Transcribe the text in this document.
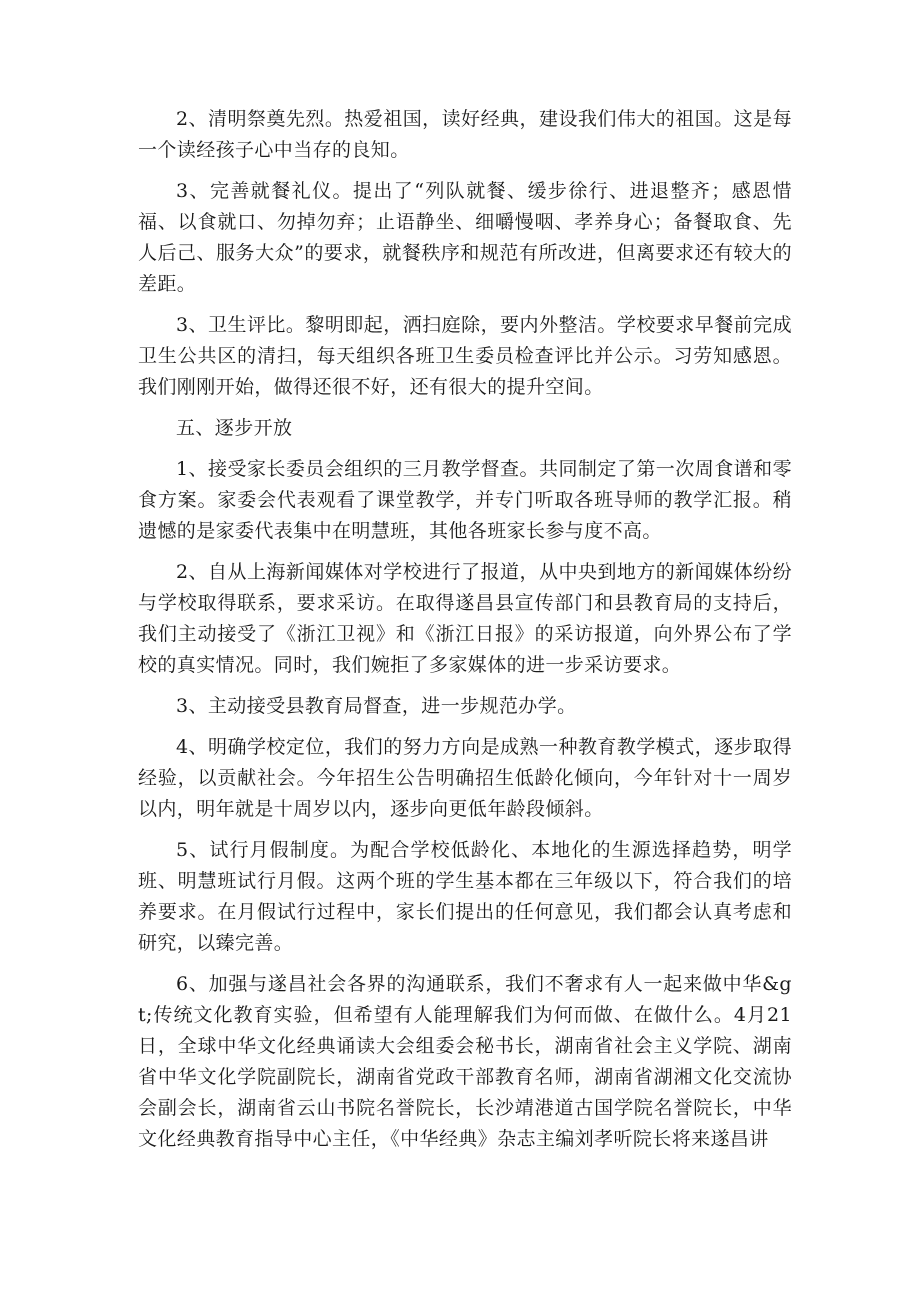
2、清明祭奠先烈。热爱祖国，读好经典，建设我们伟大的祖国。这是每一个读经孩子心中当存的良知。

3、完善就餐礼仪。提出了“列队就餐、缓步徐行、进退整齐；感恩惜福、以食就口、勿掉勿弃；止语静坐、细嚼慢咽、孝养身心；备餐取食、先人后己、服务大众”的要求，就餐秩序和规范有所改进，但离要求还有较大的差距。

3、卫生评比。黎明即起，洒扫庭除，要内外整洁。学校要求早餐前完成卫生公共区的清扫，每天组织各班卫生委员检查评比并公示。习劳知感恩。我们刚刚开始，做得还很不好，还有很大的提升空间。

五、逐步开放

1、接受家长委员会组织的三月教学督查。共同制定了第一次周食谱和零食方案。家委会代表观看了课堂教学，并专门听取各班导师的教学汇报。稍遗憾的是家委代表集中在明慧班，其他各班家长参与度不高。

2、自从上海新闻媒体对学校进行了报道，从中央到地方的新闻媒体纷纷与学校取得联系，要求采访。在取得遂昌县宣传部门和县教育局的支持后，我们主动接受了《浙江卫视》和《浙江日报》的采访报道，向外界公布了学校的真实情况。同时，我们婉拒了多家媒体的进一步采访要求。

3、主动接受县教育局督查，进一步规范办学。

4、明确学校定位，我们的努力方向是成熟一种教育教学模式，逐步取得经验，以贡献社会。今年招生公告明确招生低龄化倾向，今年针对十一周岁以内，明年就是十周岁以内，逐步向更低年龄段倾斜。

5、试行月假制度。为配合学校低龄化、本地化的生源选择趋势，明学班、明慧班试行月假。这两个班的学生基本都在三年级以下，符合我们的培养要求。在月假试行过程中，家长们提出的任何意见，我们都会认真考虑和研究，以臻完善。

6、加强与遂昌社会各界的沟通联系，我们不奢求有人一起来做中华&gt;传统文化教育实验，但希望有人能理解我们为何而做、在做什么。4月21日，全球中华文化经典诵读大会组委会秘书长，湖南省社会主义学院、湖南省中华文化学院副院长，湖南省党政干部教育名师，湖南省湖湘文化交流协会副会长，湖南省云山书院名誉院长，长沙靖港道古国学院名誉院长，中华文化经典教育指导中心主任，《中华经典》杂志主编刘孝听院长将来遂昌讲
